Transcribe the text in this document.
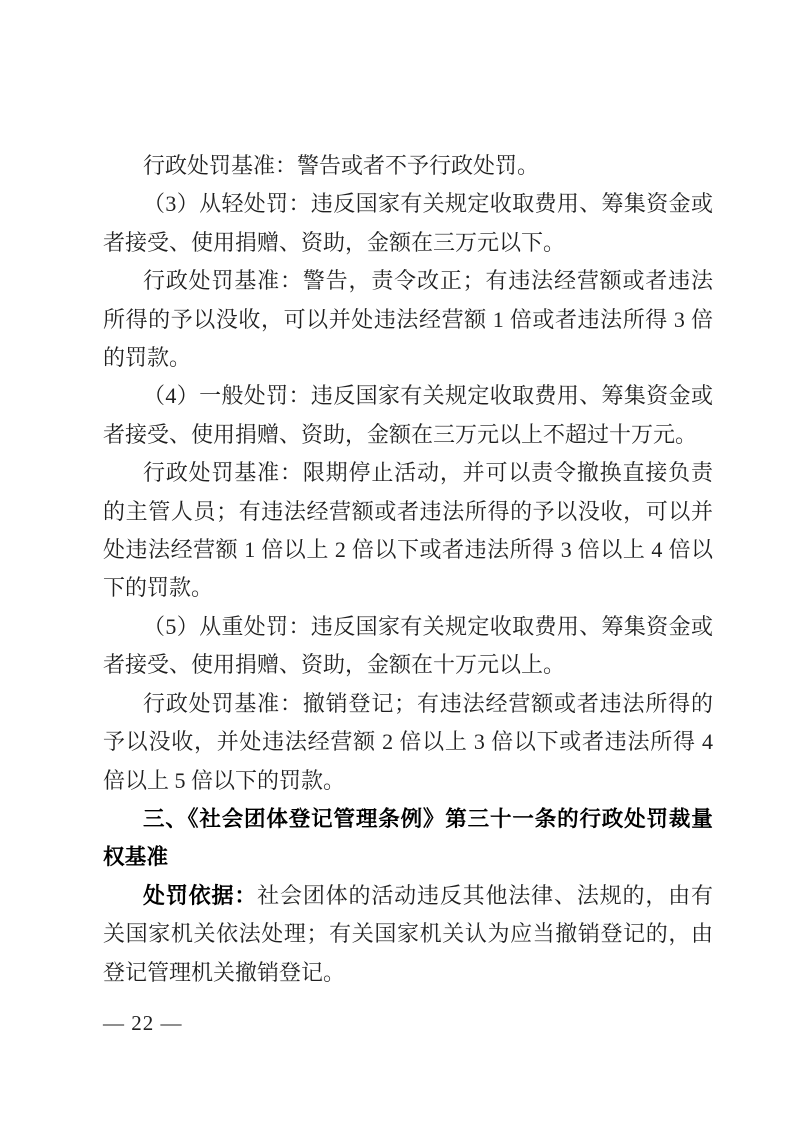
行政处罚基准：警告或者不予行政处罚。

（3）从轻处罚：违反国家有关规定收取费用、筹集资金或者接受、使用捐赠、资助，金额在三万元以下。

行政处罚基准：警告，责令改正；有违法经营额或者违法所得的予以没收，可以并处违法经营额 1 倍或者违法所得 3 倍的罚款。

（4）一般处罚：违反国家有关规定收取费用、筹集资金或者接受、使用捐赠、资助，金额在三万元以上不超过十万元。

行政处罚基准：限期停止活动，并可以责令撤换直接负责的主管人员；有违法经营额或者违法所得的予以没收，可以并处违法经营额 1 倍以上 2 倍以下或者违法所得 3 倍以上 4 倍以下的罚款。

（5）从重处罚：违反国家有关规定收取费用、筹集资金或者接受、使用捐赠、资助，金额在十万元以上。

行政处罚基准：撤销登记；有违法经营额或者违法所得的予以没收，并处违法经营额 2 倍以上 3 倍以下或者违法所得 4 倍以上 5 倍以下的罚款。

三、《社会团体登记管理条例》第三十一条的行政处罚裁量权基准

处罚依据：社会团体的活动违反其他法律、法规的，由有关国家机关依法处理；有关国家机关认为应当撤销登记的，由登记管理机关撤销登记。

— 22 —
